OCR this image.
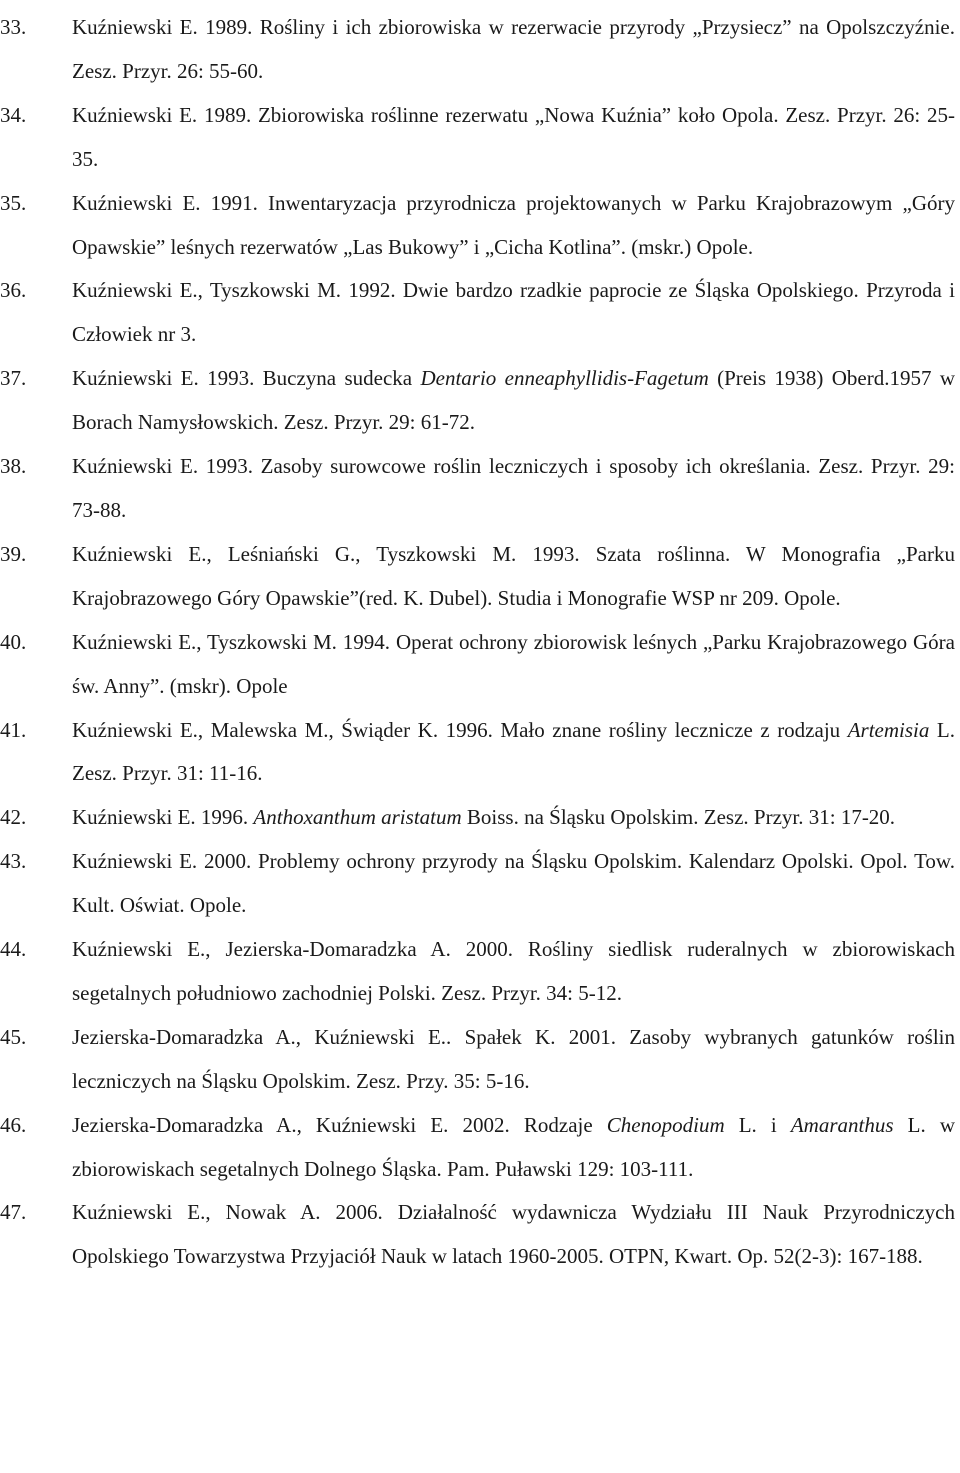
33. Kuźniewski E. 1989. Rośliny i ich zbiorowiska w rezerwacie przyrody „Przysiecz” na Opolszczyźnie. Zesz. Przyr. 26: 55-60.
34. Kuźniewski E. 1989. Zbiorowiska roślinne rezerwatu „Nowa Kuźnia” koło Opola. Zesz. Przyr. 26: 25-35.
35. Kuźniewski E. 1991. Inwentaryzacja przyrodnicza projektowanych w Parku Krajobrazowym „Góry Opawskie” leśnych rezerwatów „Las Bukowy” i „Cicha Kotlina”. (mskr.) Opole.
36. Kuźniewski E., Tyszkowski M. 1992. Dwie bardzo rzadkie paprocie ze Śląska Opolskiego. Przyroda i Człowiek nr 3.
37. Kuźniewski E. 1993. Buczyna sudecka Dentario enneaphyllidis-Fagetum (Preis 1938) Oberd.1957 w Borach Namysłowskich. Zesz. Przyr. 29: 61-72.
38. Kuźniewski E. 1993. Zasoby surowcowe roślin leczniczych i sposoby ich określania. Zesz. Przyr. 29: 73-88.
39. Kuźniewski E., Leśniański G., Tyszkowski M. 1993. Szata roślinna. W Monografia „Parku Krajobrazowego Góry Opawskie”(red. K. Dubel). Studia i Monografie WSP nr 209. Opole.
40. Kuźniewski E., Tyszkowski M. 1994. Operat ochrony zbiorowisk leśnych „Parku Krajobrazowego Góra św. Anny”. (mskr). Opole
41. Kuźniewski E., Malewska M., Świąder K. 1996. Mało znane rośliny lecznicze z rodzaju Artemisia L. Zesz. Przyr. 31: 11-16.
42. Kuźniewski E. 1996. Anthoxanthum aristatum Boiss. na Śląsku Opolskim. Zesz. Przyr. 31: 17-20.
43. Kuźniewski E. 2000. Problemy ochrony przyrody na Śląsku Opolskim. Kalendarz Opolski. Opol. Tow. Kult. Oświat. Opole.
44. Kuźniewski E., Jezierska-Domaradzka A. 2000. Rośliny siedlisk ruderalnych w zbiorowiskach segetalnych południowo zachodniej Polski. Zesz. Przyr. 34: 5-12.
45. Jezierska-Domaradzka A., Kuźniewski E.. Spałek K. 2001. Zasoby wybranych gatunków roślin leczniczych na Śląsku Opolskim. Zesz. Przy. 35: 5-16.
46. Jezierska-Domaradzka A., Kuźniewski E. 2002. Rodzaje Chenopodium L. i Amaranthus L. w zbiorowiskach segetalnych Dolnego Śląska. Pam. Puławski 129: 103-111.
47. Kuźniewski E., Nowak A. 2006. Działalność wydawnicza Wydziału III Nauk Przyrodniczych Opolskiego Towarzystwa Przyjaciół Nauk w latach 1960-2005. OTPN, Kwart. Op. 52(2-3): 167-188.
